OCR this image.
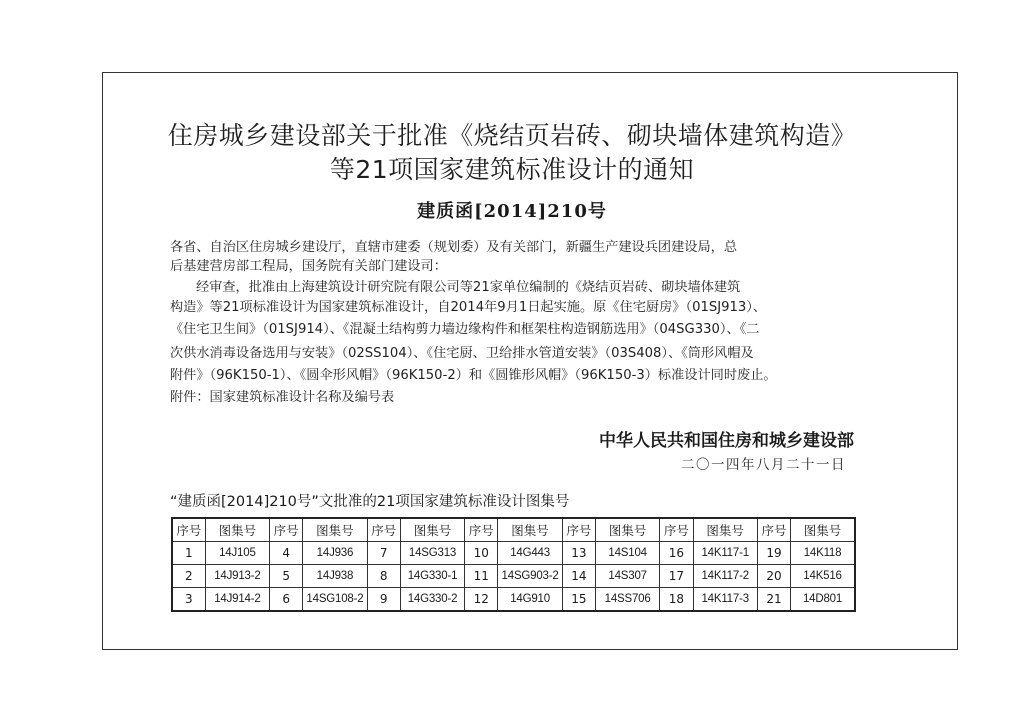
住房城乡建设部关于批准《烧结页岩砖、砌块墙体建筑构造》
等21项国家建筑标准设计的通知
建质函[2014]210号
各省、自治区住房城乡建设厅，直辖市建委（规划委）及有关部门，新疆生产建设兵团建设局，总
后基建营房部工程局，国务院有关部门建设司：
经审查，批准由上海建筑设计研究院有限公司等21家单位编制的《烧结页岩砖、砌块墙体建筑
构造》等21项标准设计为国家建筑标准设计，自2014年9月1日起实施。原《住宅厨房》（01SJ913）、
《住宅卫生间》（01SJ914）、《混凝土结构剪力墙边缘构件和框架柱构造钢筋选用》（04SG330）、《二
次供水消毒设备选用与安装》（02SS104）、《住宅厨、卫给排水管道安装》（03S408）、《筒形风帽及
附件》（96K150-1）、《圆伞形风帽》（96K150-2）和《圆锥形风帽》（96K150-3）标准设计同时废止。
附件：国家建筑标准设计名称及编号表
中华人民共和国住房和城乡建设部
二〇一四年八月二十一日
“建质函[2014]210号”文批准的21项国家建筑标准设计图集号
序号	图集号	序号	图集号	序号	图集号	序号	图集号	序号	图集号	序号	图集号	序号	图集号
1	14J105	4	14J936	7	14SG313	10	14G443	13	14S104	16	14K117-1	19	14K118
2	14J913-2	5	14J938	8	14G330-1	11	14SG903-2	14	14S307	17	14K117-2	20	14K516
3	14J914-2	6	14SG108-2	9	14G330-2	12	14G910	15	14SS706	18	14K117-3	21	14D801
